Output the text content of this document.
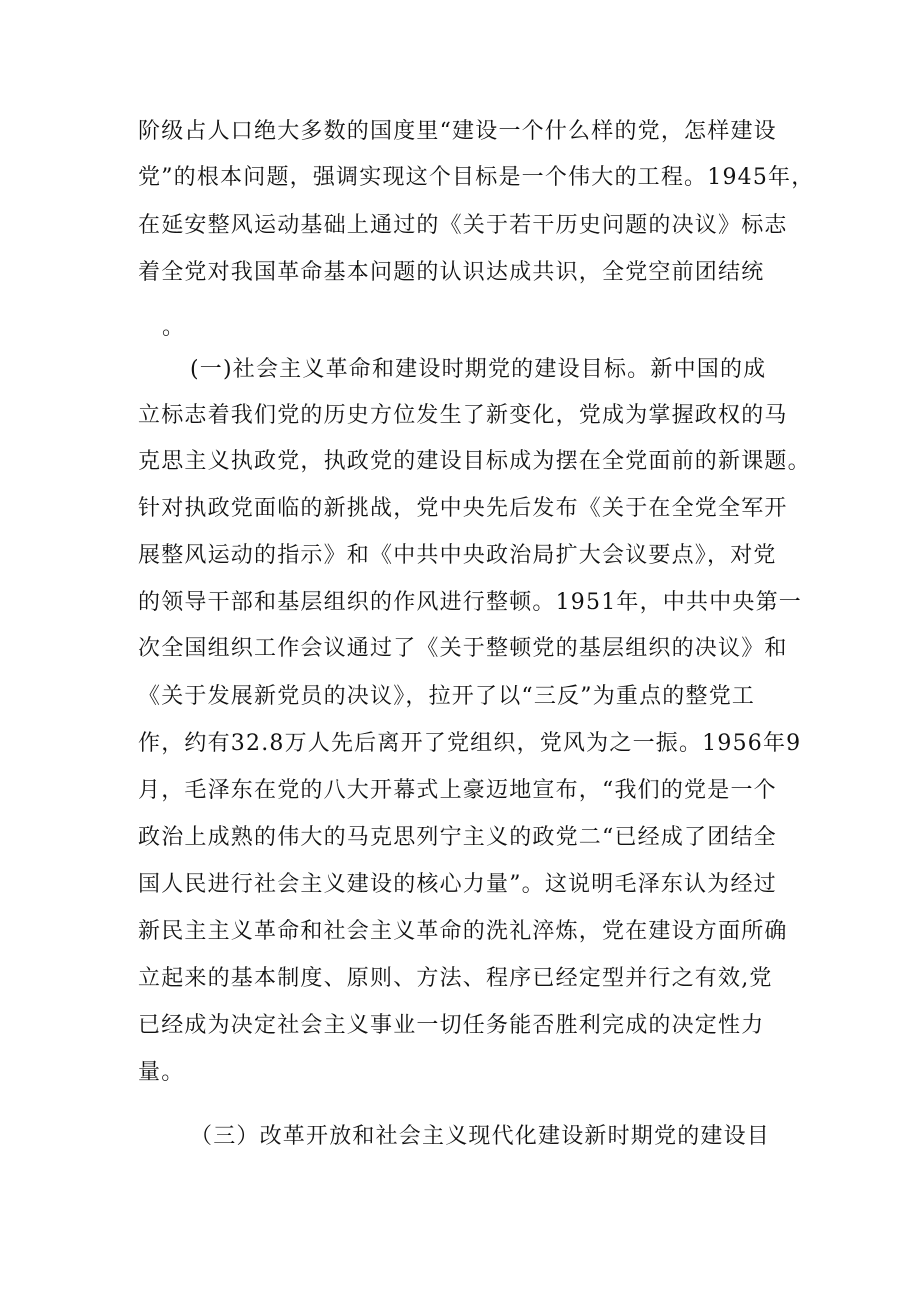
阶级占人口绝大多数的国度里“建设一个什么样的党，怎样建设
党”的根本问题，强调实现这个目标是一个伟大的工程。1945年，
在延安整风运动基础上通过的《关于若干历史问题的决议》标志
着全党对我国革命基本问题的认识达成共识，全党空前团结统
。
(一)社会主义革命和建设时期党的建设目标。新中国的成
立标志着我们党的历史方位发生了新变化，党成为掌握政权的马
克思主义执政党，执政党的建设目标成为摆在全党面前的新课题。
针对执政党面临的新挑战，党中央先后发布《关于在全党全军开
展整风运动的指示》和《中共中央政治局扩大会议要点》，对党
的领导干部和基层组织的作风进行整顿。1951年，中共中央第一
次全国组织工作会议通过了《关于整顿党的基层组织的决议》和
《关于发展新党员的决议》，拉开了以“三反”为重点的整党工
作，约有32.8万人先后离开了党组织，党风为之一振。1956年9
月，毛泽东在党的八大开幕式上豪迈地宣布，“我们的党是一个
政治上成熟的伟大的马克思列宁主义的政党二“已经成了团结全
国人民进行社会主义建设的核心力量”。这说明毛泽东认为经过
新民主主义革命和社会主义革命的洗礼淬炼，党在建设方面所确
立起来的基本制度、原则、方法、程序已经定型并行之有效,党
已经成为决定社会主义事业一切任务能否胜利完成的决定性力
量。
（三）改革开放和社会主义现代化建设新时期党的建设目
